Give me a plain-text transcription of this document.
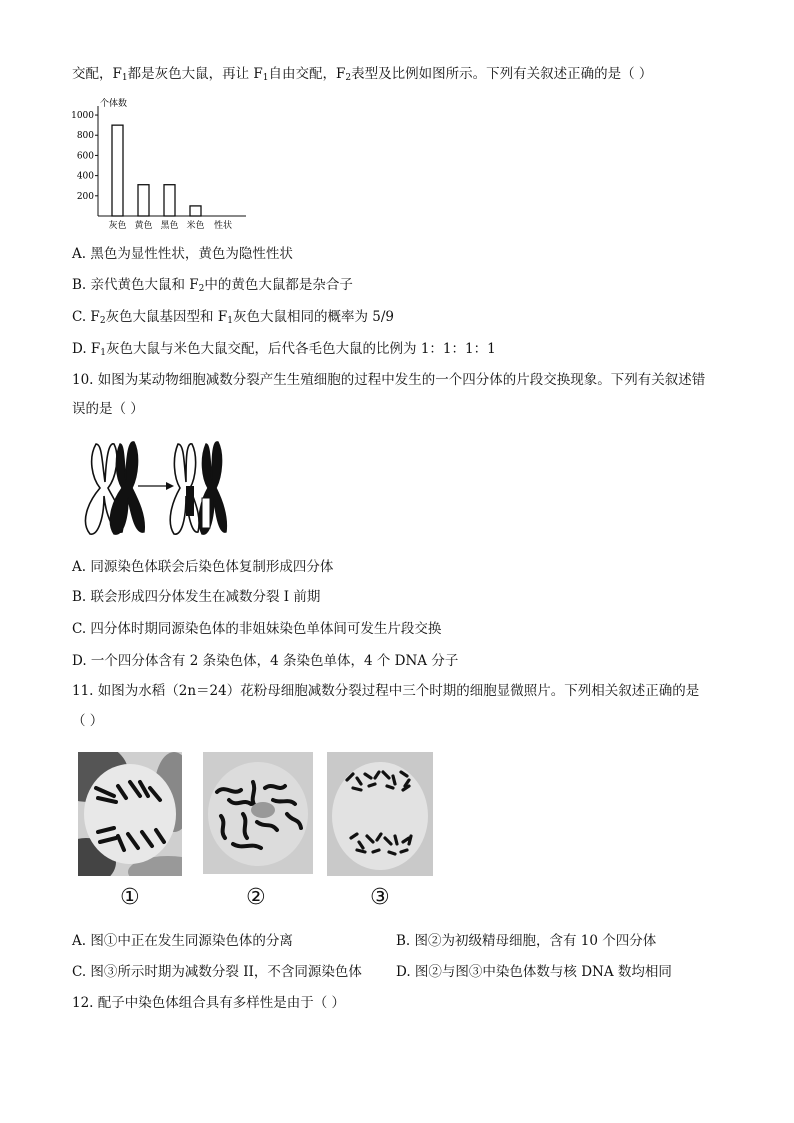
交配，$F_1$都是灰色大鼠，再让 $F_1$自由交配，$F_2$表型及比例如图所示。下列有关叙述正确的是（ ）
200
400
600
800
1000
个体数
灰色 黄色 黑色 米色 性状
A. 黑色为显性性状，黄色为隐性性状
B. 亲代黄色大鼠和 $F_2$中的黄色大鼠都是杂合子
C. $F_2$灰色大鼠基因型和 $F_1$灰色大鼠相同的概率为 5/9
D. $F_1$灰色大鼠与米色大鼠交配，后代各毛色大鼠的比例为 1：1：1：1
10. 如图为某动物细胞减数分裂产生生殖细胞的过程中发生的一个四分体的片段交换现象。下列有关叙述错
误的是（ ）
A. 同源染色体联会后染色体复制形成四分体
B. 联会形成四分体发生在减数分裂 I 前期
C. 四分体时期同源染色体的非姐妹染色单体间可发生片段交换
D. 一个四分体含有 2 条染色体，4 条染色单体，4 个 DNA 分子
11. 如图为水稻（2n＝24）花粉母细胞减数分裂过程中三个时期的细胞显微照片。下列相关叙述正确的是
（ ）
①	②	③
A. 图①中正在发生同源染色体的分离	B. 图②为初级精母细胞，含有 10 个四分体
C. 图③所示时期为减数分裂 II，不含同源染色体	D. 图②与图③中染色体数与核 DNA 数均相同
12. 配子中染色体组合具有多样性是由于（ ）
